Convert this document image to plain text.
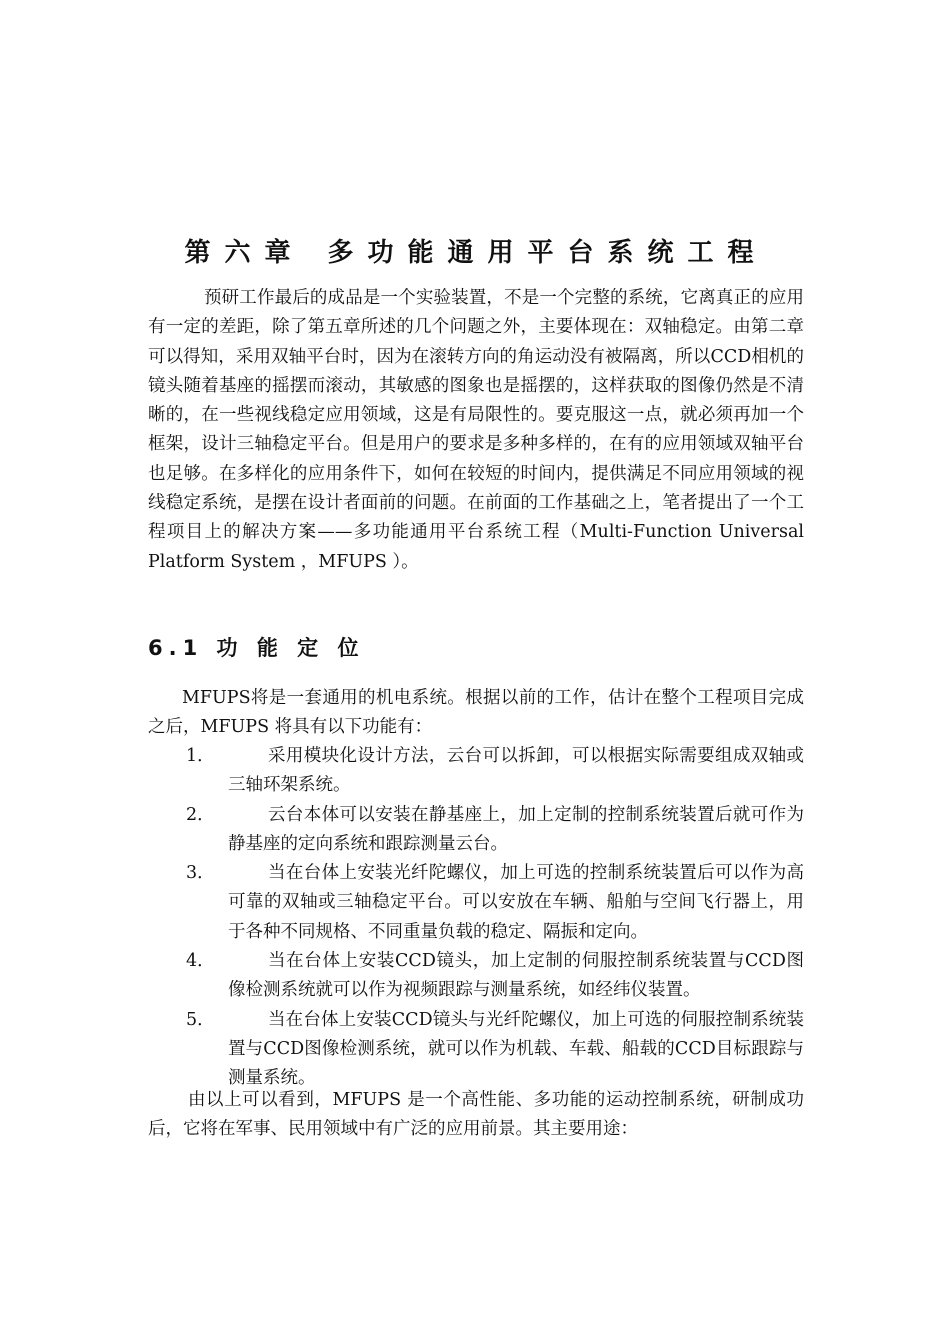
第六章 多功能通用平台系统工程

预研工作最后的成品是一个实验装置，不是一个完整的系统，它离真正的应用有一定的差距，除了第五章所述的几个问题之外，主要体现在：双轴稳定。由第二章可以得知，采用双轴平台时，因为在滚转方向的角运动没有被隔离，所以CCD相机的镜头随着基座的摇摆而滚动，其敏感的图象也是摇摆的，这样获取的图像仍然是不清晰的，在一些视线稳定应用领域，这是有局限性的。要克服这一点，就必须再加一个框架，设计三轴稳定平台。但是用户的要求是多种多样的，在有的应用领域双轴平台也足够。在多样化的应用条件下，如何在较短的时间内，提供满足不同应用领域的视线稳定系统，是摆在设计者面前的问题。在前面的工作基础之上，笔者提出了一个工程项目上的解决方案——多功能通用平台系统工程（Multi-Function Universal Platform System ，MFUPS ）。

6.1 功 能 定 位

MFUPS将是一套通用的机电系统。根据以前的工作，估计在整个工程项目完成之后，MFUPS 将具有以下功能有：

1．	采用模块化设计方法，云台可以拆卸，可以根据实际需要组成双轴或三轴环架系统。
2．	云台本体可以安装在静基座上，加上定制的控制系统装置后就可作为静基座的定向系统和跟踪测量云台。
3．	当在台体上安装光纤陀螺仪，加上可选的控制系统装置后可以作为高可靠的双轴或三轴稳定平台。可以安放在车辆、船舶与空间飞行器上，用于各种不同规格、不同重量负载的稳定、隔振和定向。
4．	当在台体上安装CCD镜头，加上定制的伺服控制系统装置与CCD图像检测系统就可以作为视频跟踪与测量系统，如经纬仪装置。
5．	当在台体上安装CCD镜头与光纤陀螺仪，加上可选的伺服控制系统装置与CCD图像检测系统，就可以作为机载、车载、船载的CCD目标跟踪与测量系统。

由以上可以看到，MFUPS 是一个高性能、多功能的运动控制系统，研制成功后，它将在军事、民用领域中有广泛的应用前景。其主要用途：
